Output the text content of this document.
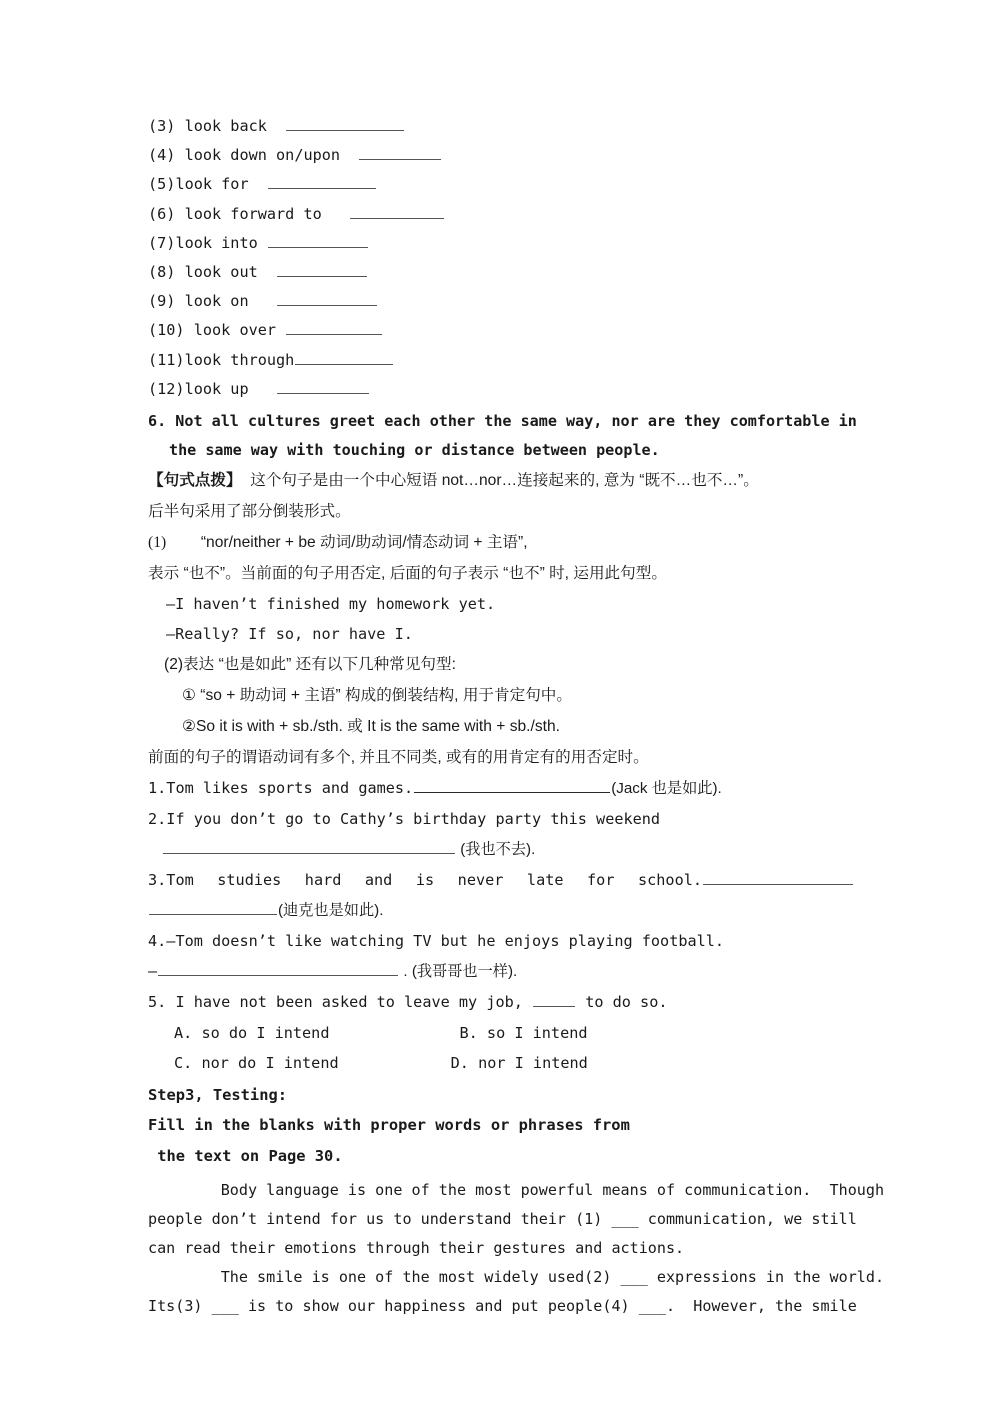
(3) look back
(4) look down on/upon
(5)look for
(6) look forward to
(7)look into
(8) look out
(9) look on
(10) look over
(11)look through
(12)look up
6. Not all cultures greet each other the same way, nor are they comfortable in
the same way with touching or distance between people.
【句式点拨】  这个句子是由一个中心短语 not…nor…连接起来的, 意为 “既不…也不…”。
后半句采用了部分倒装形式。
(1)  “nor/neither + be 动词/助动词/情态动词 + 主语”,
表示 “也不”。当前面的句子用否定, 后面的句子表示 “也不” 时, 运用此句型。
—I haven’t finished my homework yet.
—Really? If so, nor have I.
(2)表达 “也是如此” 还有以下几种常见句型:
① “so + 助动词 + 主语” 构成的倒装结构, 用于肯定句中。
②So it is with + sb./sth. 或 It is the same with + sb./sth.
前面的句子的谓语动词有多个, 并且不同类, 或有的用肯定有的用否定时。
1.Tom likes sports and games.	(Jack 也是如此).
2.If you don’t go to Cathy’s birthday party this weekend
(我也不去).
3.Tom studies hard and is never late for school.
(迪克也是如此).
4.—Tom doesn’t like watching TV but he enjoys playing football.
—	. (我哥哥也一样).
5. I have not been asked to leave my job,	to do so.
A. so do I intend	B. so I intend
C. nor do I intend	D. nor I intend
Step3, Testing:
Fill in the blanks with proper words or phrases from
the text on Page 30.
Body language is one of the most powerful means of communication.  Though
people don’t intend for us to understand their (1) ___ communication, we still
can read their emotions through their gestures and actions.
The smile is one of the most widely used(2) ___ expressions in the world.
Its(3) ___ is to show our happiness and put people(4) ___.  However, the smile
